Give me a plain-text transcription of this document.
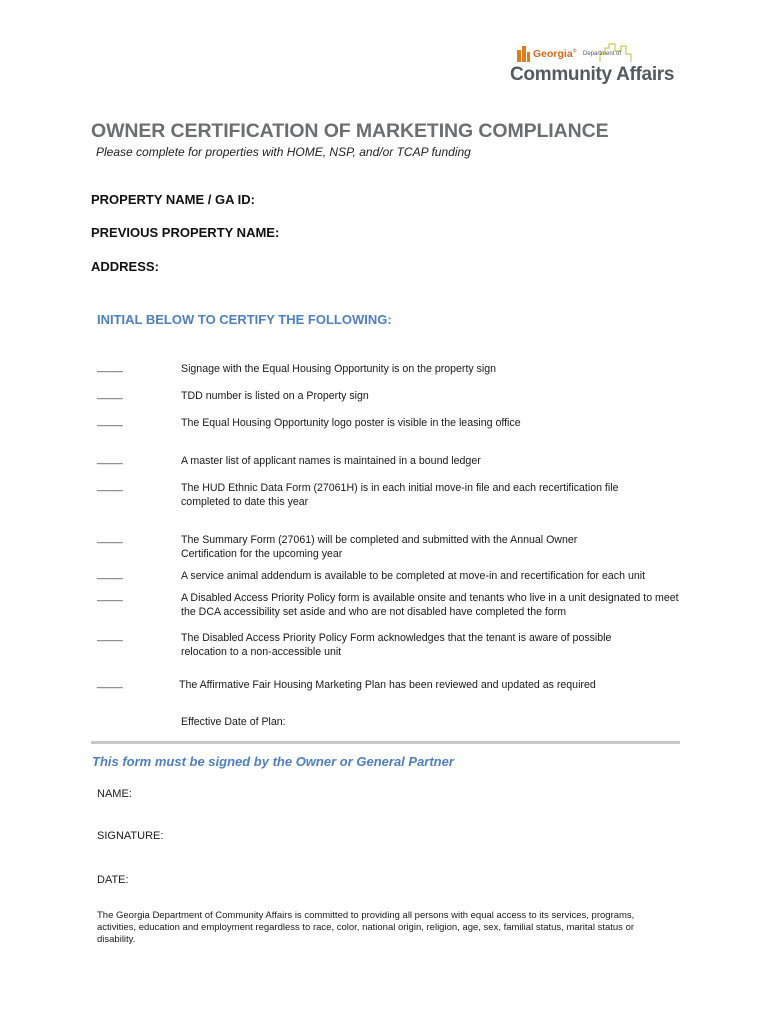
Georgia® Department of
Community Affairs
OWNER CERTIFICATION OF MARKETING COMPLIANCE
Please complete for properties with HOME, NSP, and/or TCAP funding
PROPERTY NAME / GA ID:
PREVIOUS PROPERTY NAME:
ADDRESS:
INITIAL BELOW TO CERTIFY THE FOLLOWING:
_____	Signage with the Equal Housing Opportunity is on the property sign
_____	TDD number is listed on a Property sign
_____	The Equal Housing Opportunity logo poster is visible in the leasing office
_____	A master list of applicant names is maintained in a bound ledger
_____	The HUD Ethnic Data Form (27061H) is in each initial move-in file and each recertification file completed to date this year
_____	The Summary Form (27061) will be completed and submitted with the Annual Owner Certification for the upcoming year
_____	A service animal addendum is available to be completed at move-in and recertification for each unit
_____	A Disabled Access Priority Policy form is available onsite and tenants who live in a unit designated to meet the DCA accessibility set aside and who are not disabled have completed the form
_____	The Disabled Access Priority Policy Form acknowledges that the tenant is aware of possible relocation to a non-accessible unit
_____	The Affirmative Fair Housing Marketing Plan has been reviewed and updated as required
Effective Date of Plan:
This form must be signed by the Owner or General Partner
NAME:
SIGNATURE:
DATE:
The Georgia Department of Community Affairs is committed to providing all persons with equal access to its services, programs, activities, education and employment regardless to race, color, national origin, religion, age, sex, familial status, marital status or disability.
